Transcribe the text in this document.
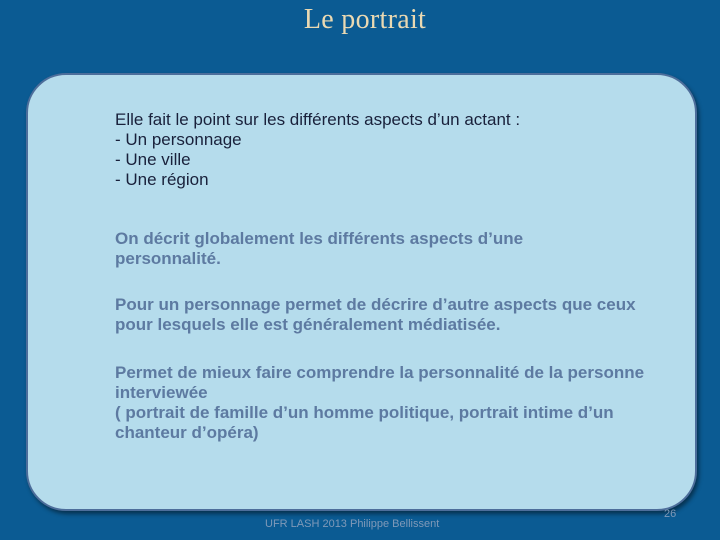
Le portrait
Elle fait le point sur les différents aspects d’un actant :
- Un personnage
- Une ville
- Une région

On décrit globalement les différents aspects d’une personnalité.

Pour un personnage permet de décrire d’autre aspects que ceux pour lesquels elle est généralement médiatisée.

Permet de mieux faire comprendre la personnalité de la personne interviewée
( portrait de famille d’un homme politique, portrait intime d’un chanteur d’opéra)
UFR LASH 2013 Philippe Bellissent
26
